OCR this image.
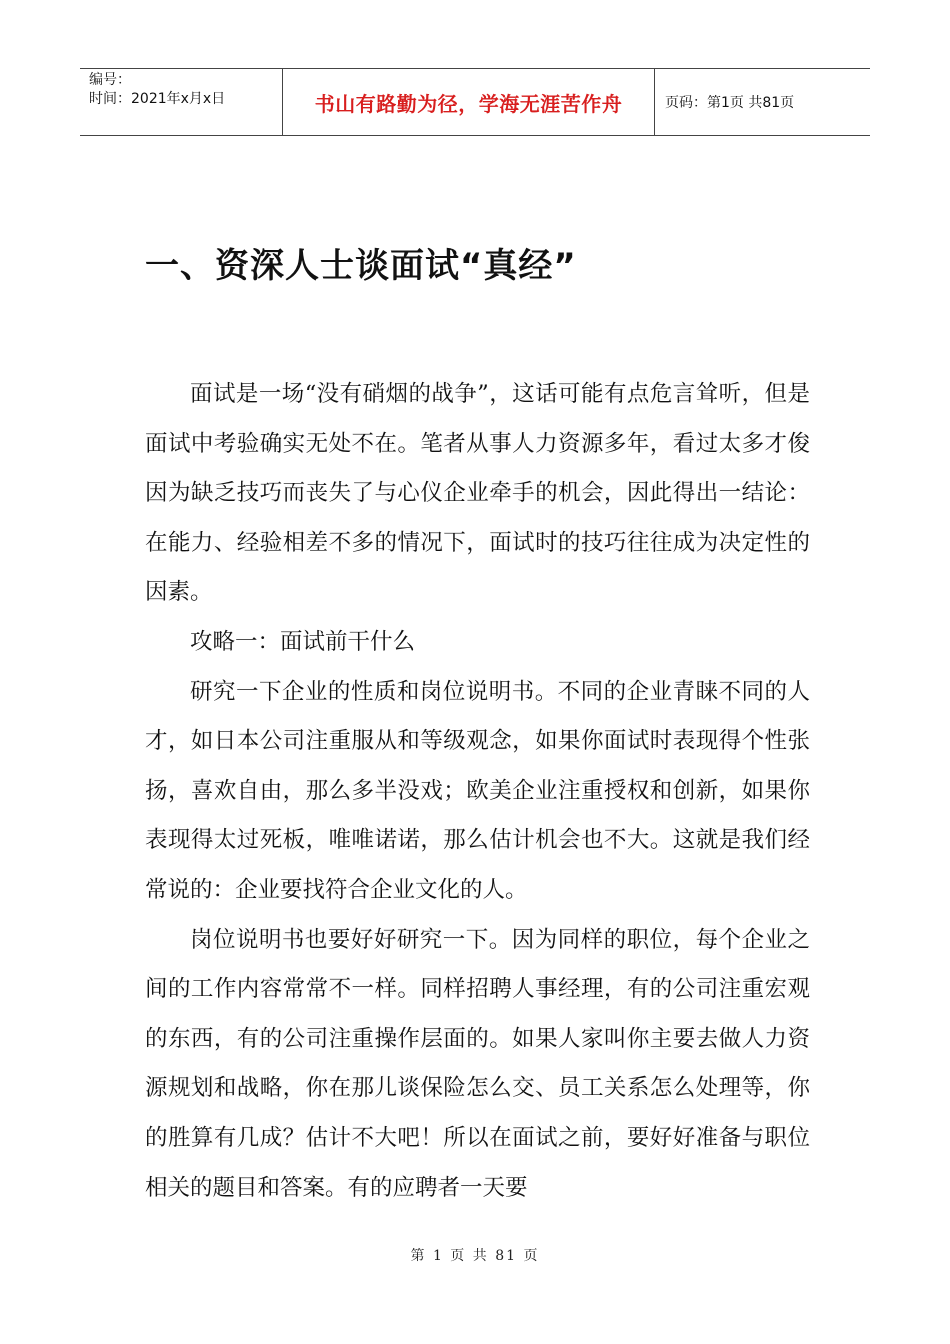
编号：
时间：2021年x月x日	书山有路勤为径，学海无涯苦作舟	页码：第1页 共81页
一、资深人士谈面试“真经”

面试是一场“没有硝烟的战争”，这话可能有点危言耸听，但是面试中考验确实无处不在。笔者从事人力资源多年，看过太多才俊因为缺乏技巧而丧失了与心仪企业牵手的机会，因此得出一结论：在能力、经验相差不多的情况下，面试时的技巧往往成为决定性的因素。

攻略一：面试前干什么

研究一下企业的性质和岗位说明书。不同的企业青睐不同的人才，如日本公司注重服从和等级观念，如果你面试时表现得个性张扬，喜欢自由，那么多半没戏；欧美企业注重授权和创新，如果你表现得太过死板，唯唯诺诺，那么估计机会也不大。这就是我们经常说的：企业要找符合企业文化的人。

岗位说明书也要好好研究一下。因为同样的职位，每个企业之间的工作内容常常不一样。同样招聘人事经理，有的公司注重宏观的东西，有的公司注重操作层面的。如果人家叫你主要去做人力资源规划和战略，你在那儿谈保险怎么交、员工关系怎么处理等，你的胜算有几成？估计不大吧！所以在面试之前，要好好准备与职位相关的题目和答案。有的应聘者一天要

第 1 页 共 81 页
